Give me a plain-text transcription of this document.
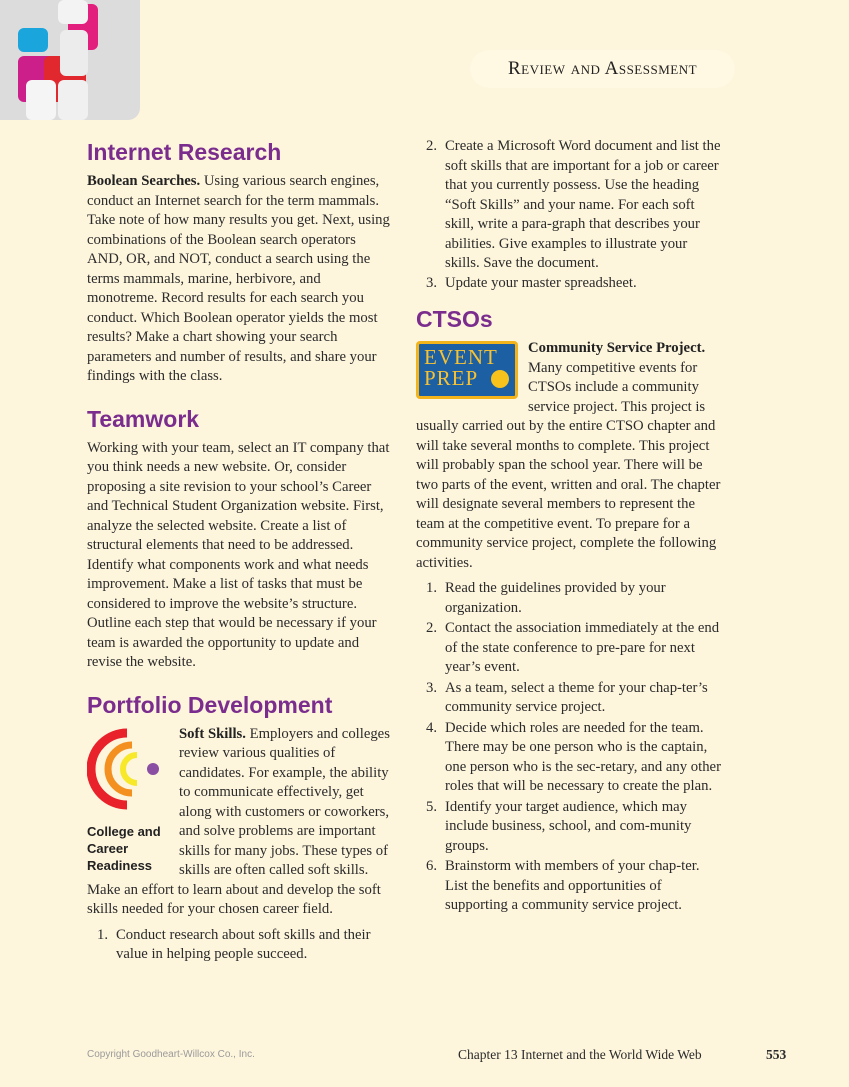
Review and Assessment
Internet Research

Boolean Searches. Using various search engines, conduct an Internet search for the term mammals. Take note of how many results you get. Next, using combinations of the Boolean search operators AND, OR, and NOT, conduct a search using the terms mammals, marine, herbivore, and monotreme. Record results for each search you conduct. Which Boolean operator yields the most results? Make a chart showing your search parameters and number of results, and share your findings with the class.

Teamwork

Working with your team, select an IT company that you think needs a new website. Or, consider proposing a site revision to your school’s Career and Technical Student Organization website. First, analyze the selected website. Create a list of structural elements that need to be addressed. Identify what components work and what needs improvement. Make a list of tasks that must be considered to improve the website’s structure. Outline each step that would be necessary if your team is awarded the opportunity to update and revise the website.

Portfolio Development
College and Career Readiness

Soft Skills. Employers and colleges review various qualities of candidates. For example, the ability to communicate effectively, get along with customers or coworkers, and solve problems are important skills for many jobs. These types of skills are often called soft skills. Make an effort to learn about and develop the soft skills needed for your chosen career field.

1. Conduct research about soft skills and their value in helping people succeed.
2. Create a Microsoft Word document and list the soft skills that are important for a job or career that you currently possess. Use the heading “Soft Skills” and your name. For each soft skill, write a para-graph that describes your abilities. Give examples to illustrate your skills. Save the document.
3. Update your master spreadsheet.
CTSOs
EVENT
PREP

Community Service Project. Many competitive events for CTSOs include a community service project. This project is usually carried out by the entire CTSO chapter and will take several months to complete. This project will probably span the school year. There will be two parts of the event, written and oral. The chapter will designate several members to represent the team at the competitive event. To prepare for a community service project, complete the following activities.

1. Read the guidelines provided by your organization.
2. Contact the association immediately at the end of the state conference to pre-pare for next year’s event.
3. As a team, select a theme for your chap-ter’s community service project.
4. Decide which roles are needed for the team. There may be one person who is the captain, one person who is the sec-retary, and any other roles that will be necessary to create the plan.
5. Identify your target audience, which may include business, school, and com-munity groups.
6. Brainstorm with members of your chap-ter. List the benefits and opportunities of supporting a community service project.
Copyright Goodheart-Willcox Co., Inc.	Chapter 13 Internet and the World Wide Web	553
